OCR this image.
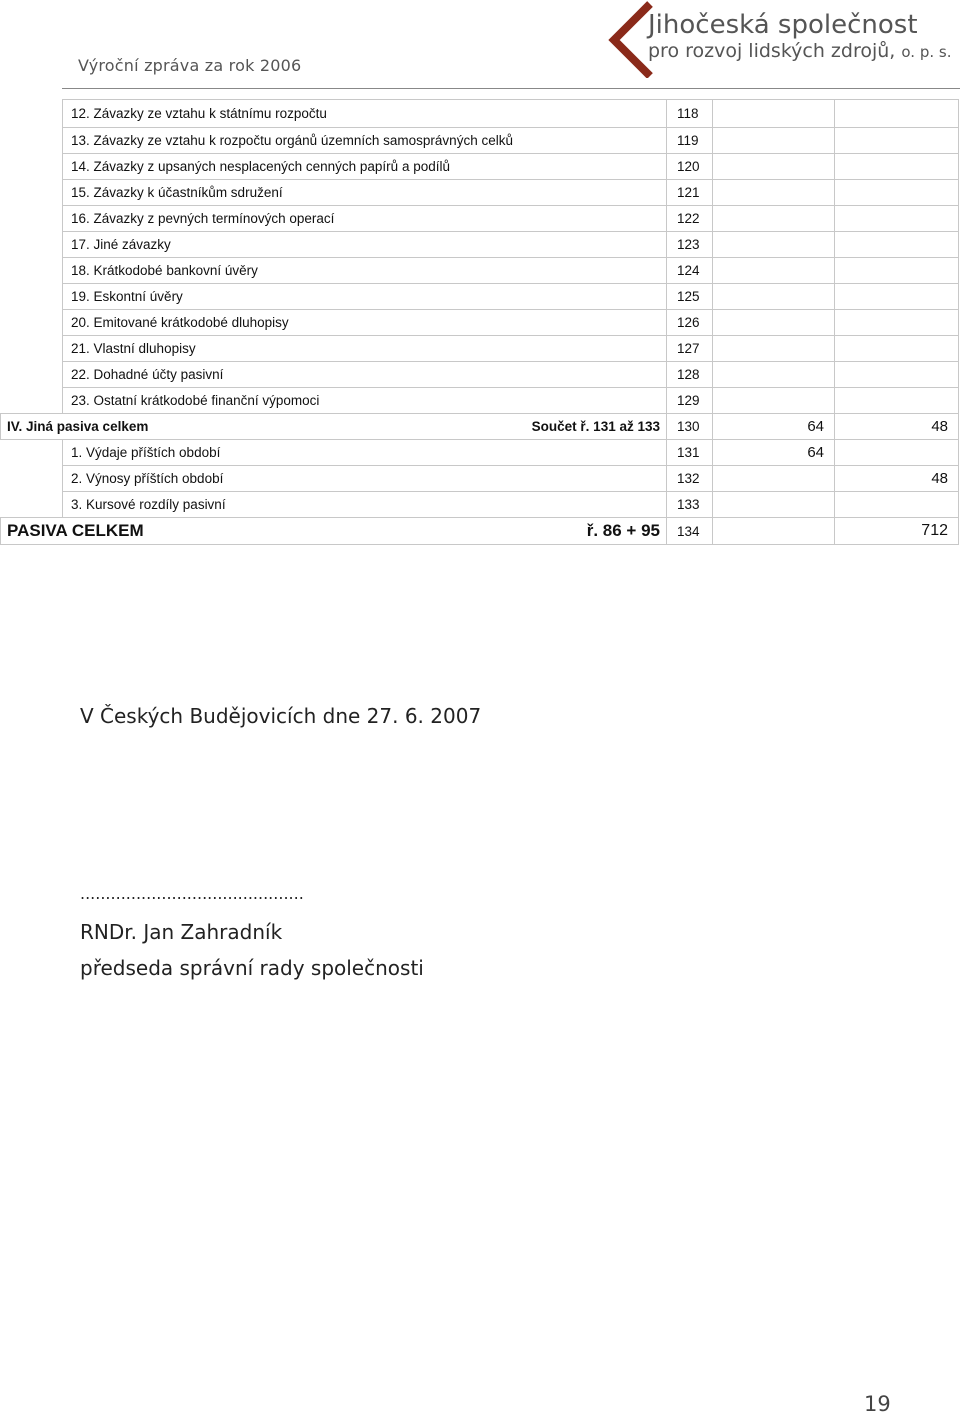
Výroční zpráva za rok 2006
Jihočeská společnost
pro rozvoj lidských zdrojů, o. p. s.
	12. Závazky ze vztahu k státnímu rozpočtu		118		
	13. Závazky ze vztahu k rozpočtu orgánů územních samosprávných celků		119		
	14. Závazky z upsaných nesplacených cenných papírů a podílů		120		
	15. Závazky k účastníkům sdružení		121		
	16. Závazky z pevných termínových operací		122		
	17. Jiné závazky		123		
	18. Krátkodobé bankovní úvěry		124		
	19. Eskontní úvěry		125		
	20. Emitované krátkodobé dluhopisy		126		
	21. Vlastní dluhopisy		127		
	22. Dohadné účty pasivní		128		
	23. Ostatní krátkodobé finanční výpomoci		129		
IV. Jiná pasiva celkem		Součet ř. 131 až 133	130	64	48
	1. Výdaje příštích období		131	64	
	2. Výnosy příštích období		132		48
	3. Kursové rozdíly pasivní		133		
PASIVA CELKEM		ř. 86 + 95	134		712
V Českých Budějovicích dne 27. 6. 2007
............................................
RNDr. Jan Zahradník
předseda správní rady společnosti
19
